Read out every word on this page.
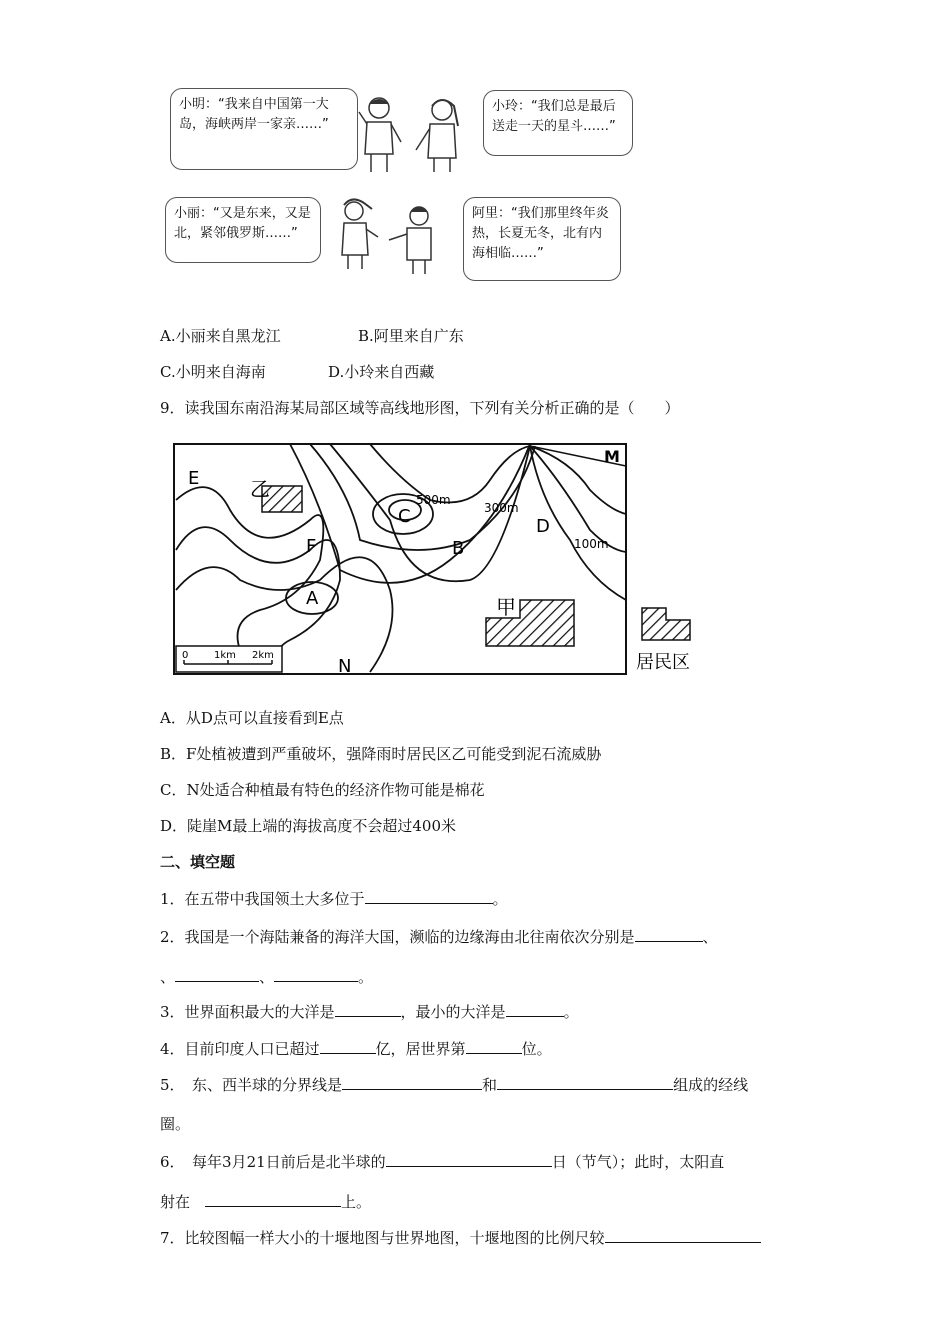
小明：“我来自中国第一大岛，海峡两岸一家亲……”
小玲：“我们总是最后送走一天的星斗……”
小丽：“又是东来，又是北，紧邻俄罗斯……”
阿里：“我们那里终年炎热，长夏无冬，北有内海相临……”
A.小丽来自黑龙江	B.阿里来自广东
C.小明来自海南	D.小玲来自西藏
9．读我国东南沿海某局部区域等高线地形图，下列有关分析正确的是（　　）
E	乙
F
C
500m
300m
D
B	100m
M
A	甲
N
0	1km 2km	居民区
A．从D点可以直接看到E点
B．F处植被遭到严重破坏，强降雨时居民区乙可能受到泥石流威胁
C．N处适合种植最有特色的经济作物可能是棉花
D．陡崖M最上端的海拔高度不会超过400米
二、填空题
1．在五带中我国领土大多位于	。
2．我国是一个海陆兼备的海洋大国，濒临的边缘海由北往南依次分别是	、
、	、	。
3．世界面积最大的大洋是	，最小的大洋是	。
4．目前印度人口已超过	亿，居世界第	位。
5．　东、西半球的分界线是	和	组成的经线
圈。
6．　每年3月21日前后是北半球的	日（节气）；此时，太阳直
射在　	上。
7．比较图幅一样大小的十堰地图与世界地图，十堰地图的比例尺较
